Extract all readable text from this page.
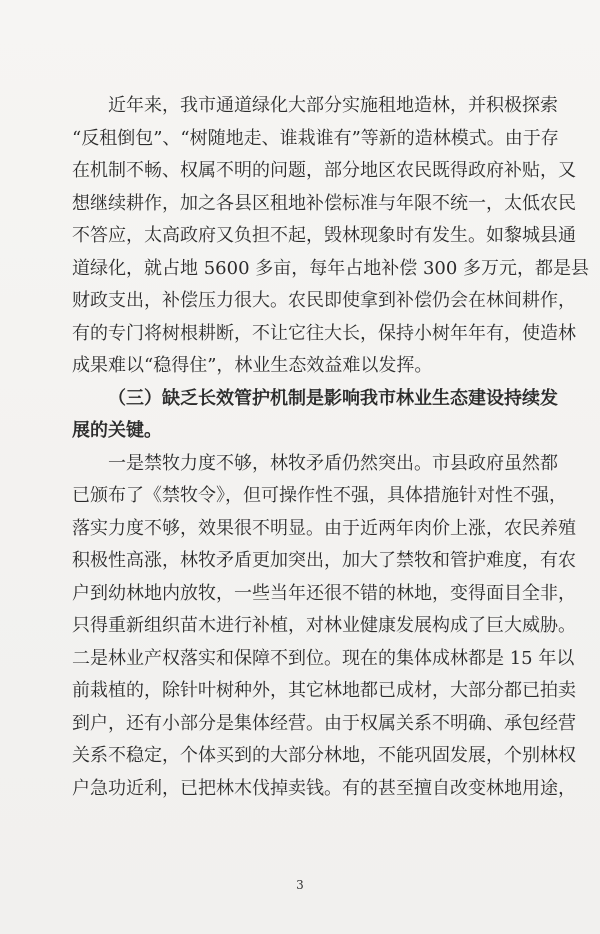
近年来，我市通道绿化大部分实施租地造林，并积极探索
“反租倒包”、“树随地走、谁栽谁有”等新的造林模式。由于存
在机制不畅、权属不明的问题，部分地区农民既得政府补贴，又
想继续耕作，加之各县区租地补偿标准与年限不统一，太低农民
不答应，太高政府又负担不起，毁林现象时有发生。如黎城县通
道绿化，就占地 5600 多亩，每年占地补偿 300 多万元，都是县
财政支出，补偿压力很大。农民即使拿到补偿仍会在林间耕作，
有的专门将树根耕断，不让它往大长，保持小树年年有，使造林
成果难以“稳得住”，林业生态效益难以发挥。
（三）缺乏长效管护机制是影响我市林业生态建设持续发
展的关键。
一是禁牧力度不够，林牧矛盾仍然突出。市县政府虽然都
已颁布了《禁牧令》，但可操作性不强，具体措施针对性不强，
落实力度不够，效果很不明显。由于近两年肉价上涨，农民养殖
积极性高涨，林牧矛盾更加突出，加大了禁牧和管护难度，有农
户到幼林地内放牧，一些当年还很不错的林地，变得面目全非，
只得重新组织苗木进行补植，对林业健康发展构成了巨大威胁。
二是林业产权落实和保障不到位。现在的集体成林都是 15 年以
前栽植的，除针叶树种外，其它林地都已成材，大部分都已拍卖
到户，还有小部分是集体经营。由于权属关系不明确、承包经营
关系不稳定，个体买到的大部分林地，不能巩固发展，个别林权
户急功近利，已把林木伐掉卖钱。有的甚至擅自改变林地用途，
3
